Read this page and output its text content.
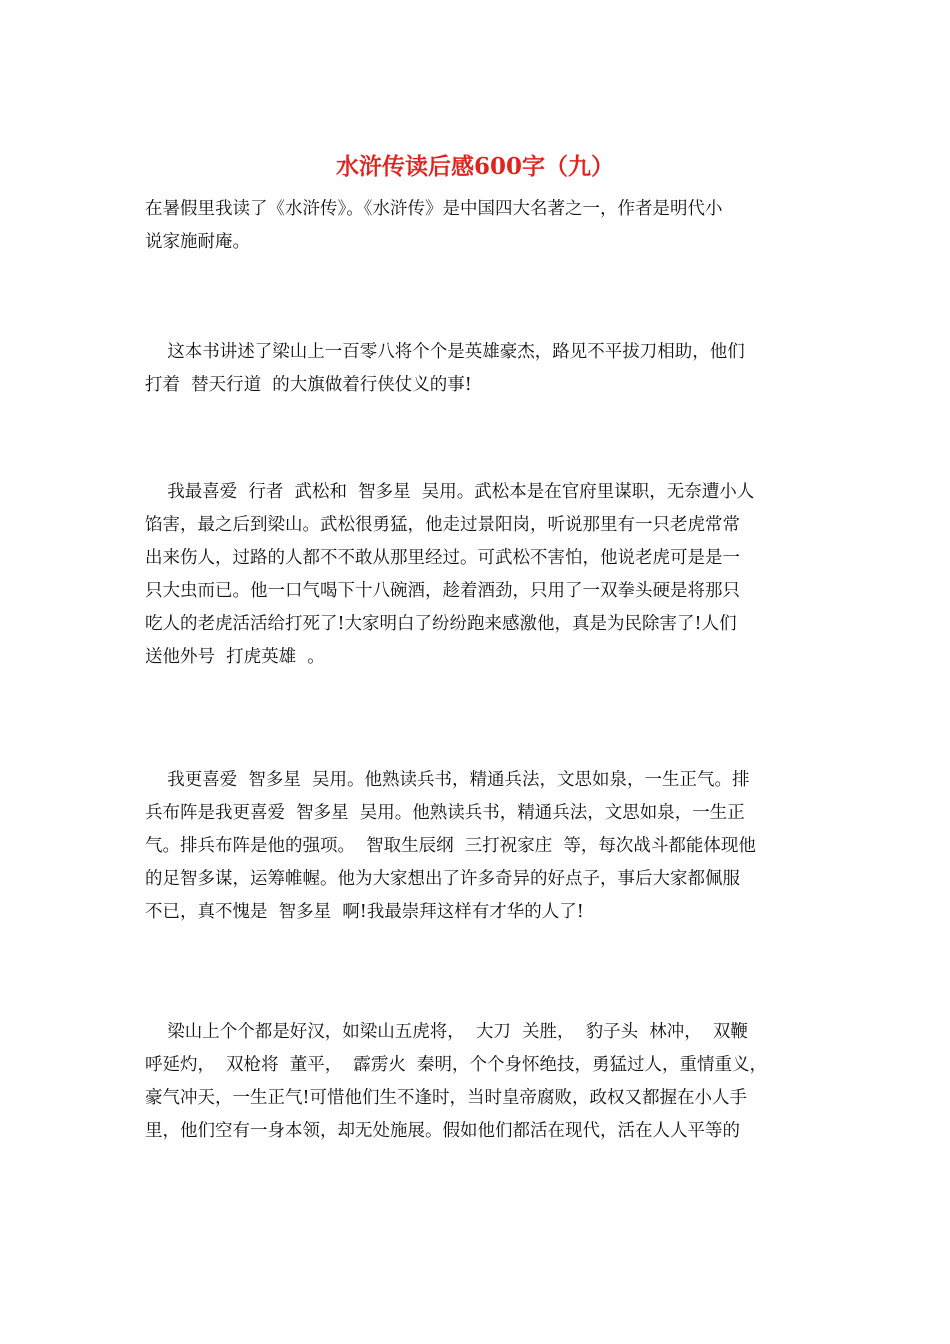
水浒传读后感600字（九）
在暑假里我读了《水浒传》。《水浒传》是中国四大名著之一，作者是明代小
说家施耐庵。
这本书讲述了梁山上一百零八将个个是英雄豪杰，路见不平拔刀相助，他们
打着  替天行道  的大旗做着行侠仗义的事!
我最喜爱  行者  武松和  智多星  吴用。武松本是在官府里谋职，无奈遭小人
馅害，最之后到梁山。武松很勇猛，他走过景阳岗，听说那里有一只老虎常常
出来伤人，过路的人都不不敢从那里经过。可武松不害怕，他说老虎可是是一
只大虫而已。他一口气喝下十八碗酒，趁着酒劲，只用了一双拳头硬是将那只
吃人的老虎活活给打死了!大家明白了纷纷跑来感激他，真是为民除害了!人们
送他外号  打虎英雄  。
我更喜爱  智多星  吴用。他熟读兵书，精通兵法，文思如泉，一生正气。排
兵布阵是我更喜爱  智多星  吴用。他熟读兵书，精通兵法，文思如泉，一生正
气。排兵布阵是他的强项。  智取生辰纲  三打祝家庄  等，每次战斗都能体现他
的足智多谋，运筹帷幄。他为大家想出了许多奇异的好点子，事后大家都佩服
不已，真不愧是  智多星  啊!我最崇拜这样有才华的人了!
梁山上个个都是好汉，如梁山五虎将，  大刀  关胜，  豹子头  林冲，  双鞭
呼延灼，  双枪将  董平，  霹雳火  秦明，个个身怀绝技，勇猛过人，重情重义，
豪气冲天，一生正气!可惜他们生不逢时，当时皇帝腐败，政权又都握在小人手
里，他们空有一身本领，却无处施展。假如他们都活在现代，活在人人平等的
